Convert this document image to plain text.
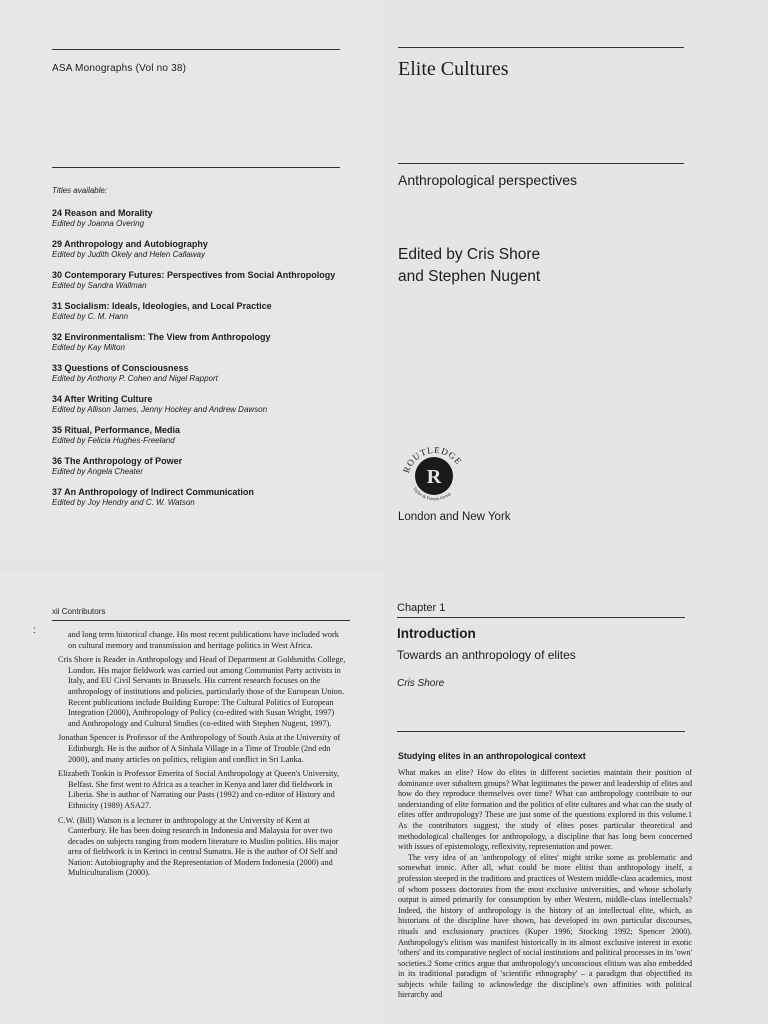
ASA Monographs (Vol no 38)
Titles available:
24 Reason and Morality
Edited by Joanna Overing
29 Anthropology and Autobiography
Edited by Judith Okely and Helen Callaway
30 Contemporary Futures: Perspectives from Social Anthropology
Edited by Sandra Wallman
31 Socialism: Ideals, Ideologies, and Local Practice
Edited by C. M. Hann
32 Environmentalism: The View from Anthropology
Edited by Kay Milton
33 Questions of Consciousness
Edited by Anthony P. Cohen and Nigel Rapport
34 After Writing Culture
Edited by Allison James, Jenny Hockey and Andrew Dawson
35 Ritual, Performance, Media
Edited by Felicia Hughes-Freeland
36 The Anthropology of Power
Edited by Angela Cheater
37 An Anthropology of Indirect Communication
Edited by Joy Hendry and C. W. Watson
Elite Cultures
Anthropological perspectives
Edited by Cris Shore
and Stephen Nugent
R
ROUTLEDGE
Taylor & Francis Group
London and New York
xii Contributors
:	and long term historical change. His most recent publications have included work on cultural memory and transmission and heritage politics in West Africa.

Cris Shore is Reader in Anthropology and Head of Department at Goldsmiths College, London. His major fieldwork was carried out among Communist Party activists in Italy, and EU Civil Servants in Brussels. His current research focuses on the anthropology of institutions and policies, particularly those of the European Union. Recent publications include Building Europe: The Cultural Politics of European Integration (2000), Anthropology of Policy (co-edited with Susan Wright, 1997) and Anthropology and Cultural Studies (co-edited with Stephen Nugent, 1997).

Jonathan Spencer is Professor of the Anthropology of South Asia at the University of Edinburgh. He is the author of A Sinhala Village in a Time of Trouble (2nd edn 2000), and many articles on politics, religion and conflict in Sri Lanka.

Elizabeth Tonkin is Professor Emerita of Social Anthropology at Queen's University, Belfast. She first went to Africa as a teacher in Kenya and later did fieldwork in Liberia. She is author of Narrating our Pasts (1992) and co-editor of History and Ethnicity (1989) ASA27.

C.W. (Bill) Watson is a lecturer in anthropology at the University of Kent at Canterbury. He has been doing research in Indonesia and Malaysia for over two decades on subjects ranging from modern literature to Muslim politics. His major area of fieldwork is in Kerinci in central Sumatra. He is the author of Of Self and Nation: Autobiography and the Representation of Modern Indonesia (2000) and Multiculturalism (2000).

Chapter 1
Introduction
Towards an anthropology of elites
Cris Shore
Studying elites in an anthropological context

What makes an elite? How do elites in different societies maintain their position of dominance over subaltern groups? What legitimates the power and leadership of elites and how do they reproduce themselves over time? What can anthropology contribute to our understanding of elite formation and the politics of elite cultures and what can the study of elites offer anthropology? These are just some of the questions explored in this volume.1 As the contributors suggest, the study of elites poses particular theoretical and methodological challenges for anthropology, a discipline that has long been concerned with issues of epistemology, reflexivity, representation and power.

The very idea of an 'anthropology of elites' might strike some as problematic and somewhat ironic. After all, what could be more elitist than anthropology itself, a profession steeped in the traditions and practices of Western middle-class academics, most of whom possess doctorates from the most exclusive universities, and whose scholarly output is aimed primarily for consumption by other Western, middle-class intellectuals? Indeed, the history of anthropology is the history of an intellectual elite, which, as historians of the discipline have shown, has developed its own particular discourses, rituals and exclusionary practices (Kuper 1996; Stocking 1992; Spencer 2000). Anthropology's elitism was manifest historically in its almost exclusive interest in exotic 'others' and its comparative neglect of social institutions and political processes in its 'own' societies.2 Some critics argue that anthropology's unconscious elitism was also embedded in its traditional paradigm of 'scientific ethnography' – a paradigm that objectified its subjects while failing to acknowledge the discipline's own affinities with political hierarchy and
